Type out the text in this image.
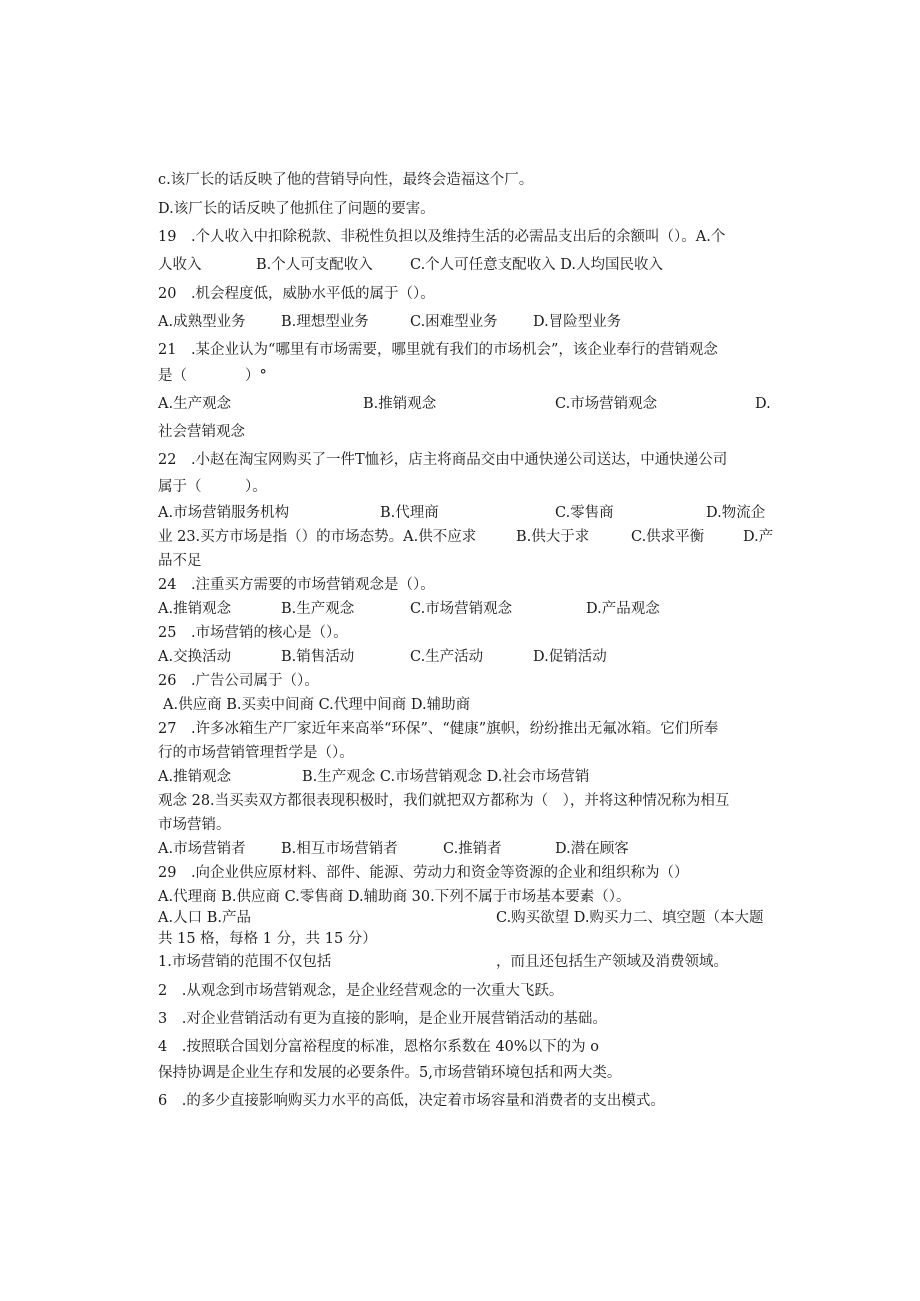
c.该厂长的话反映了他的营销导向性，最终会造福这个厂。
D.该厂长的话反映了他抓住了问题的要害。
19　.个人收入中扣除税款、非税性负担以及维持生活的必需品支出后的余额叫（）。A.个
人收入	B.个人可支配收入	C.个人可任意支配收入 D.人均国民收入
20　.机会程度低，威胁水平低的属于（）。
A.成熟型业务 B.理想型业务	C.困难型业务 D.冒险型业务
21　.某企业认为“哪里有市场需要，哪里就有我们的市场机会”，该企业奉行的营销观念
是（　　　　）°
A.生产观念	B.推销观念	C.市场营销观念	D.
社会营销观念
22　.小赵在淘宝网购买了一件T恤衫，店主将商品交由中通快递公司送达，中通快递公司
属于（　　　）。
A.市场营销服务机构	B.代理商	C.零售商	D.物流企
业 23.买方市场是指（）的市场态势。A.供不应求	B.供大于求	C.供求平衡	D.产
品不足
24　.注重买方需要的市场营销观念是（）。
A.推销观念	B.生产观念	C.市场营销观念	D.产品观念
25　.市场营销的核心是（）。
A.交换活动	B.销售活动	C.生产活动	D.促销活动
26　.广告公司属于（）。
A.供应商 B.买卖中间商 C.代理中间商 D.辅助商
27　.许多冰箱生产厂家近年来高举“环保”、“健康”旗帜，纷纷推出无氟冰箱。它们所奉
行的市场营销管理哲学是（）。
A.推销观念	B.生产观念 C.市场营销观念 D.社会市场营销
观念 28.当买卖双方都很表现积极时，我们就把双方都称为（　），并将这种情况称为相互
市场营销。
A.市场营销者 B.相互市场营销者	C.推销者	D.潜在顾客
29　.向企业供应原材料、部件、能源、劳动力和资金等资源的企业和组织称为（）
A.代理商 B.供应商 C.零售商 D.辅助商 30.下列不属于市场基本要素（）。
A.人口 B.产品	C.购买欲望 D.购买力二、填空题（本大题
共 15 格，每格 1 分，共 15 分）
1.市场营销的范围不仅包括	，而且还包括生产领域及消费领域。
2　.从观念到市场营销观念，是企业经营观念的一次重大飞跃。
3　.对企业营销活动有更为直接的影响，是企业开展营销活动的基础。
4　.按照联合国划分富裕程度的标准，恩格尔系数在 40%以下的为 o
保持协调是企业生存和发展的必要条件。5,市场营销环境包括和两大类。
6　.的多少直接影响购买力水平的高低，决定着市场容量和消费者的支出模式。
